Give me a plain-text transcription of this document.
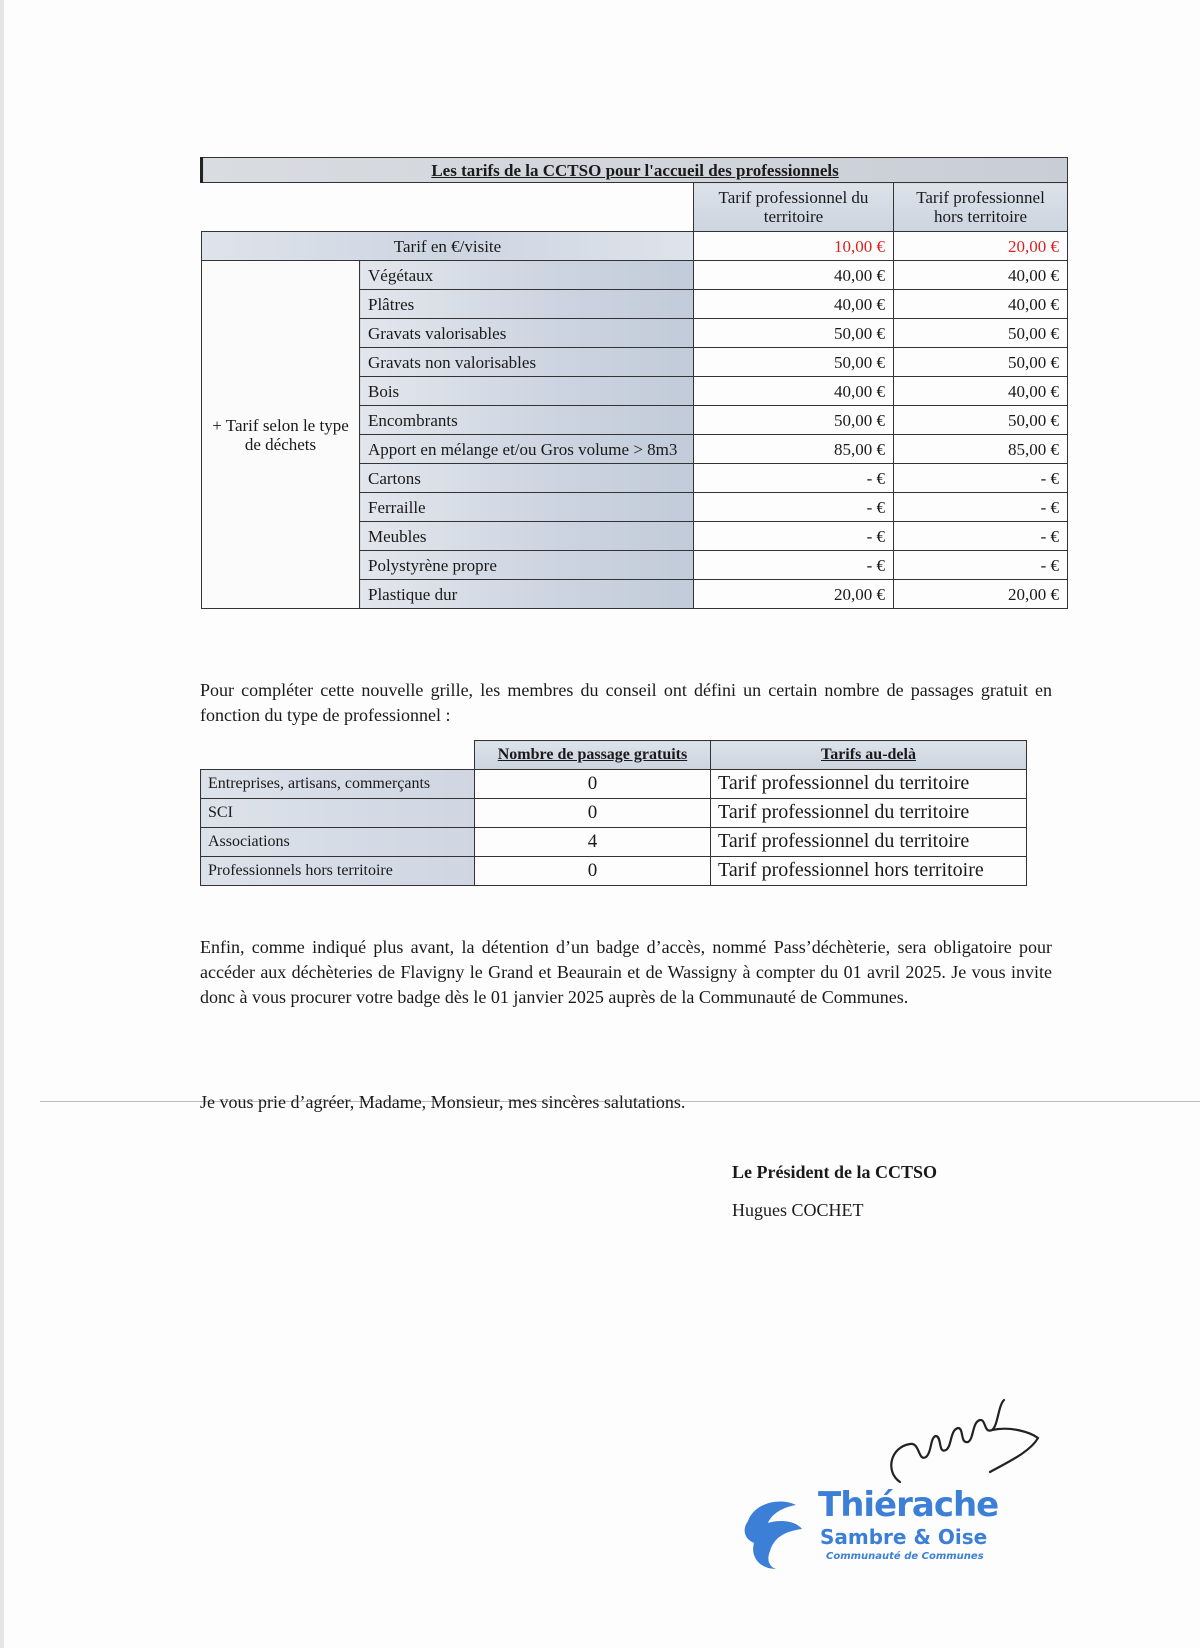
Les tarifs de la CCTSO pour l'accueil des professionnels			
		Tarif professionnel du territoire	Tarif professionnel hors territoire
Tarif en €/visite		10,00 €	20,00 €
+ Tarif selon le type de déchets	Végétaux	40,00 €	40,00 €
	Plâtres	40,00 €	40,00 €
	Gravats valorisables	50,00 €	50,00 €
	Gravats non valorisables	50,00 €	50,00 €
	Bois	40,00 €	40,00 €
	Encombrants	50,00 €	50,00 €
	Apport en mélange et/ou Gros volume > 8m3	85,00 €	85,00 €
	Cartons	- €	- €
	Ferraille	- €	- €
	Meubles	- €	- €
	Polystyrène propre	- €	- €
	Plastique dur	20,00 €	20,00 €

Pour compléter cette nouvelle grille, les membres du conseil ont défini un certain nombre de passages gratuit en fonction du type de professionnel :

	Nombre de passage gratuits	Tarifs au-delà
Entreprises, artisans, commerçants	0	Tarif professionnel du territoire
SCI	0	Tarif professionnel du territoire
Associations	4	Tarif professionnel du territoire
Professionnels hors territoire	0	Tarif professionnel hors territoire

Enfin, comme indiqué plus avant, la détention d’un badge d’accès, nommé Pass’déchèterie, sera obligatoire pour accéder aux déchèteries de Flavigny le Grand et Beaurain et de Wassigny à compter du 01 avril 2025. Je vous invite donc à vous procurer votre badge dès le 01 janvier 2025 auprès de la Communauté de Communes.

Je vous prie d’agréer, Madame, Monsieur, mes sincères salutations.

Le Président de la CCTSO
Hugues COCHET
Thiérache
Sambre & Oise
Communauté de Communes
